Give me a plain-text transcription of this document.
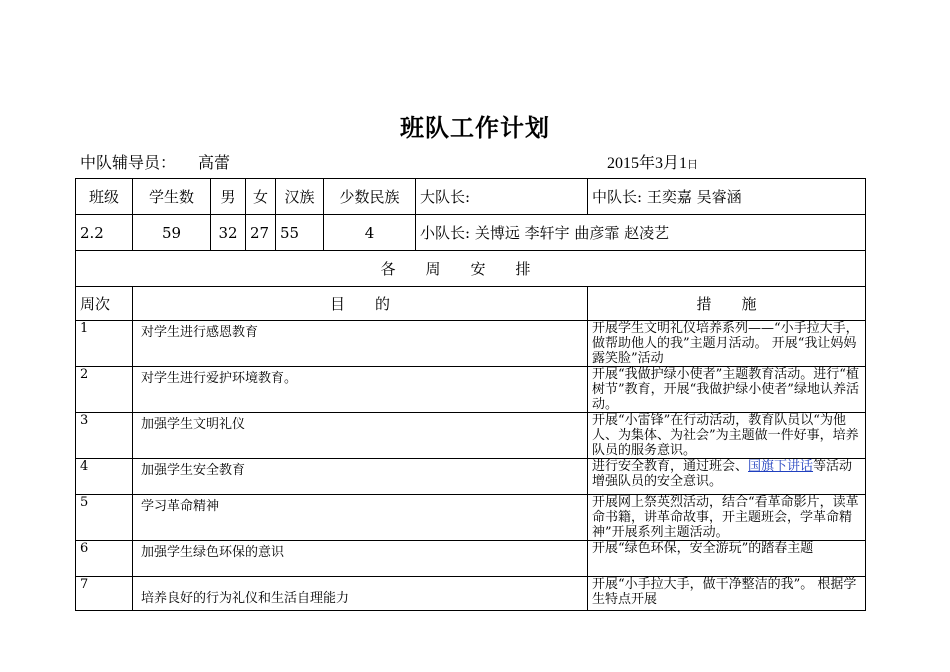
班队工作计划
中队辅导员： 高蕾	2015年3月1日
班级	学生数	男	女	汉族	少数民族	大队长:	中队长: 王奕嘉 吴睿涵
2.2	59	32	27	55	4	小队长: 关博远 李轩宇 曲彦霏 赵凌艺	
各周安排							
周次	目　　的						措　　施
1	对学生进行感恩教育						开展学生文明礼仪培养系列——“小手拉大手，做帮助他人的我”主题月活动。 开展“我让妈妈露笑脸”活动
2	对学生进行爱护环境教育。						开展“我做护绿小使者”主题教育活动。进行“植树节”教育，开展“我做护绿小使者”绿地认养活动。
3	加强学生文明礼仪						开展“小雷锋”在行动活动，教育队员以“为他人、为集体、为社会”为主题做一件好事，培养队员的服务意识。
4	加强学生安全教育						进行安全教育，通过班会、国旗下讲话等活动增强队员的安全意识。
5	学习革命精神						开展网上祭英烈活动，结合“看革命影片，读革命书籍，讲革命故事，开主题班会，学革命精神”开展系列主题活动。
6	加强学生绿色环保的意识						开展“绿色环保，安全游玩”的踏春主题
7	培养良好的行为礼仪和生活自理能力						开展“小手拉大手，做干净整洁的我”。 根据学生特点开展
